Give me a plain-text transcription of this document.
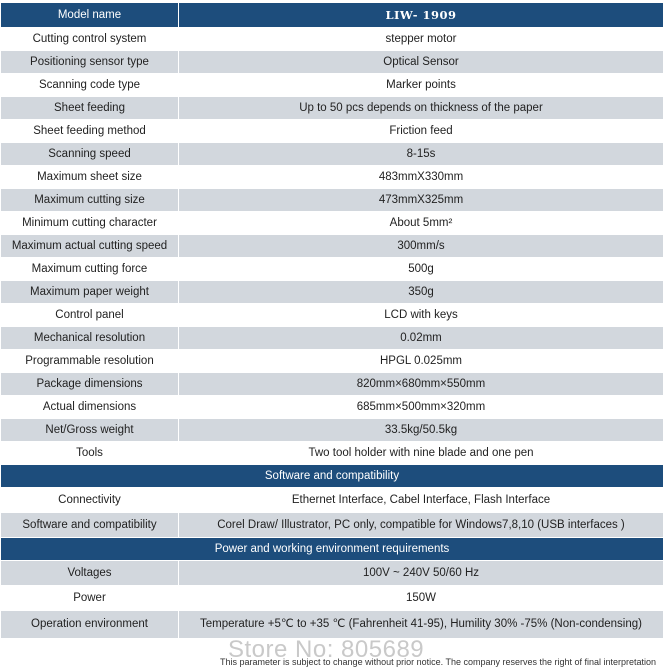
Model name	LIW- 1909
Cutting control system	stepper motor
Positioning sensor type	Optical Sensor
Scanning code type	Marker points
Sheet feeding	Up to 50 pcs depends on thickness of the paper
Sheet feeding method	Friction feed
Scanning speed	8-15s
Maximum sheet size	483mmX330mm
Maximum cutting size	473mmX325mm
Minimum cutting character	About 5mm²
Maximum actual cutting speed	300mm/s
Maximum cutting force	500g
Maximum paper weight	350g
Control panel	LCD with keys
Mechanical resolution	0.02mm
Programmable resolution	HPGL 0.025mm
Package dimensions	820mm×680mm×550mm
Actual dimensions	685mm×500mm×320mm
Net/Gross weight	33.5kg/50.5kg
Tools	Two tool holder with nine blade and one pen
Software and compatibility	
Connectivity	Ethernet Interface, Cabel Interface, Flash Interface
Software and compatibility	Corel Draw/ Illustrator, PC only, compatible for Windows7,8,10 (USB interfaces )
Power and working environment requirements	
Voltages	100V ~ 240V 50/60 Hz
Power	150W
Operation environment	Temperature +5℃ to +35 ℃ (Fahrenheit 41-95), Humility 30% -75% (Non-condensing)
Store No: 805689
This parameter is subject to change without prior notice. The company reserves the right of final interpretation
